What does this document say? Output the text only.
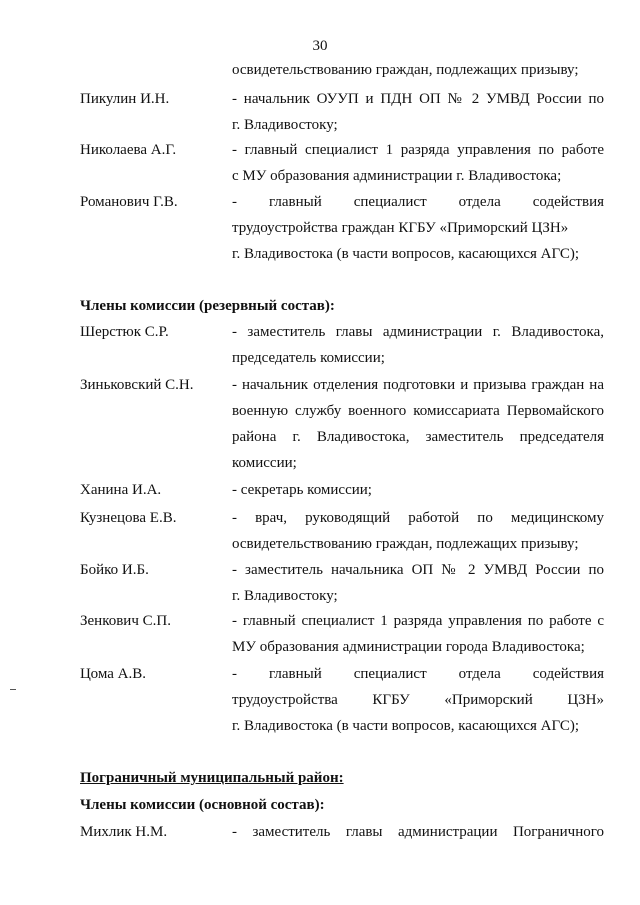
30
освидетельствованию граждан, подлежащих призыву;
Пикулин И.Н.	- начальник ОУУП и ПДН ОП № 2 УМВД России по
г. Владивостоку;
Николаева А.Г.	- главный специалист 1 разряда управления по работе
с МУ образования администрации г. Владивостока;
Романович Г.В.	- главный специалист отдела содействия
трудоустройства граждан КГБУ «Приморский ЦЗН»
г. Владивостока (в части вопросов, касающихся АГС);
Члены комиссии (резервный состав):
Шерстюк С.Р.	- заместитель главы администрации г. Владивостока,
председатель комиссии;
Зиньковский С.Н.	- начальник отделения подготовки и призыва граждан на
военную службу военного комиссариата Первомайского
района г. Владивостока, заместитель председателя
комиссии;
Ханина И.А.	- секретарь комиссии;
Кузнецова Е.В.	- врач, руководящий работой по медицинскому
освидетельствованию граждан, подлежащих призыву;
Бойко И.Б.	- заместитель начальника ОП № 2 УМВД России по
г. Владивостоку;
Зенкович С.П.	- главный специалист 1 разряда управления по работе с
МУ образования администрации города Владивостока;
Цома А.В.	- главный специалист отдела содействия
трудоустройства КГБУ «Приморский ЦЗН»
г. Владивостока (в части вопросов, касающихся АГС);
Пограничный муниципальный район:
Члены комиссии (основной состав):
Михлик Н.М.	- заместитель главы администрации Пограничного
